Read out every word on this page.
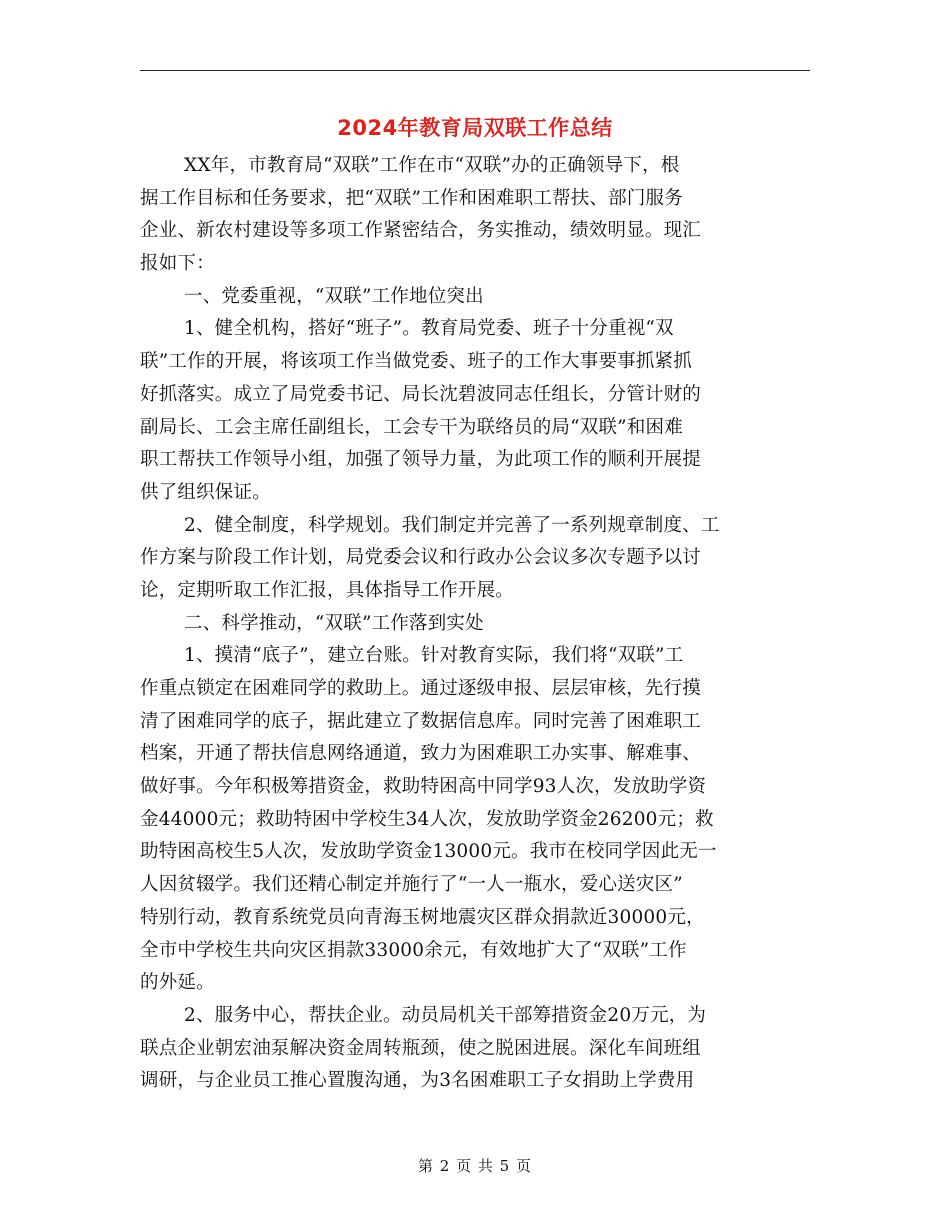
2024年教育局双联工作总结
XX年，市教育局“双联”工作在市“双联”办的正确领导下，根
据工作目标和任务要求，把“双联”工作和困难职工帮扶、部门服务
企业、新农村建设等多项工作紧密结合，务实推动，绩效明显。现汇
报如下：
一、党委重视，“双联”工作地位突出
1、健全机构，搭好“班子”。教育局党委、班子十分重视“双
联”工作的开展，将该项工作当做党委、班子的工作大事要事抓紧抓
好抓落实。成立了局党委书记、局长沈碧波同志任组长，分管计财的
副局长、工会主席任副组长，工会专干为联络员的局“双联”和困难
职工帮扶工作领导小组，加强了领导力量，为此项工作的顺利开展提
供了组织保证。
2、健全制度，科学规划。我们制定并完善了一系列规章制度、工
作方案与阶段工作计划，局党委会议和行政办公会议多次专题予以讨
论，定期听取工作汇报，具体指导工作开展。
二、科学推动，“双联”工作落到实处
1、摸清“底子”，建立台账。针对教育实际，我们将“双联”工
作重点锁定在困难同学的救助上。通过逐级申报、层层审核，先行摸
清了困难同学的底子，据此建立了数据信息库。同时完善了困难职工
档案，开通了帮扶信息网络通道，致力为困难职工办实事、解难事、
做好事。今年积极筹措资金，救助特困高中同学93人次，发放助学资
金44000元；救助特困中学校生34人次，发放助学资金26200元；救
助特困高校生5人次，发放助学资金13000元。我市在校同学因此无一
人因贫辍学。我们还精心制定并施行了“一人一瓶水，爱心送灾区”
特别行动，教育系统党员向青海玉树地震灾区群众捐款近30000元，
全市中学校生共向灾区捐款33000余元，有效地扩大了“双联”工作
的外延。
2、服务中心，帮扶企业。动员局机关干部筹措资金20万元，为
联点企业朝宏油泵解决资金周转瓶颈，使之脱困进展。深化车间班组
调研，与企业员工推心置腹沟通，为3名困难职工子女捐助上学费用
第 2 页 共 5 页
